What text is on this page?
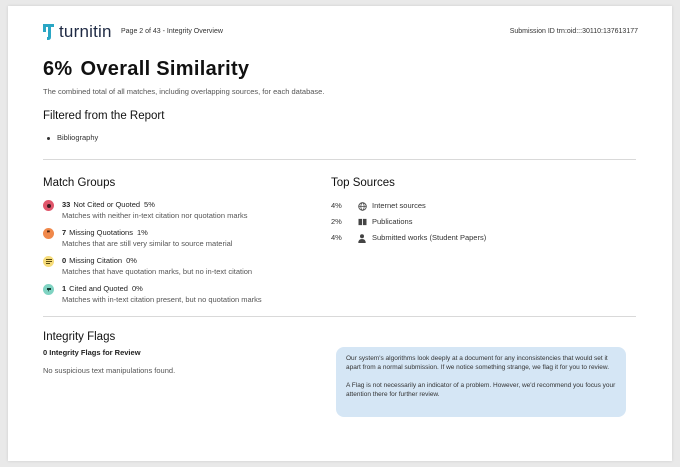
turnitin Page 2 of 43 - Integrity Overview	Submission ID trn:oid:::30110:137613177
6% Overall Similarity
The combined total of all matches, including overlapping sources, for each database.
Filtered from the Report
Bibliography
Match Groups
33 Not Cited or Quoted 5%
Matches with neither in-text citation nor quotation marks
❞	7 Missing Quotations 1%
Matches that are still very similar to source material
0 Missing Citation 0%
Matches that have quotation marks, but no in-text citation
1 Cited and Quoted 0%
Matches with in-text citation present, but no quotation marks
Top Sources
4%	Internet sources
2%	Publications
4%	Submitted works (Student Papers)
Integrity Flags
0 Integrity Flags for Review
No suspicious text manipulations found.

Our system's algorithms look deeply at a document for any inconsistencies that would set it apart from a normal submission. If we notice something strange, we flag it for you to review.

A Flag is not necessarily an indicator of a problem. However, we'd recommend you focus your attention there for further review.
